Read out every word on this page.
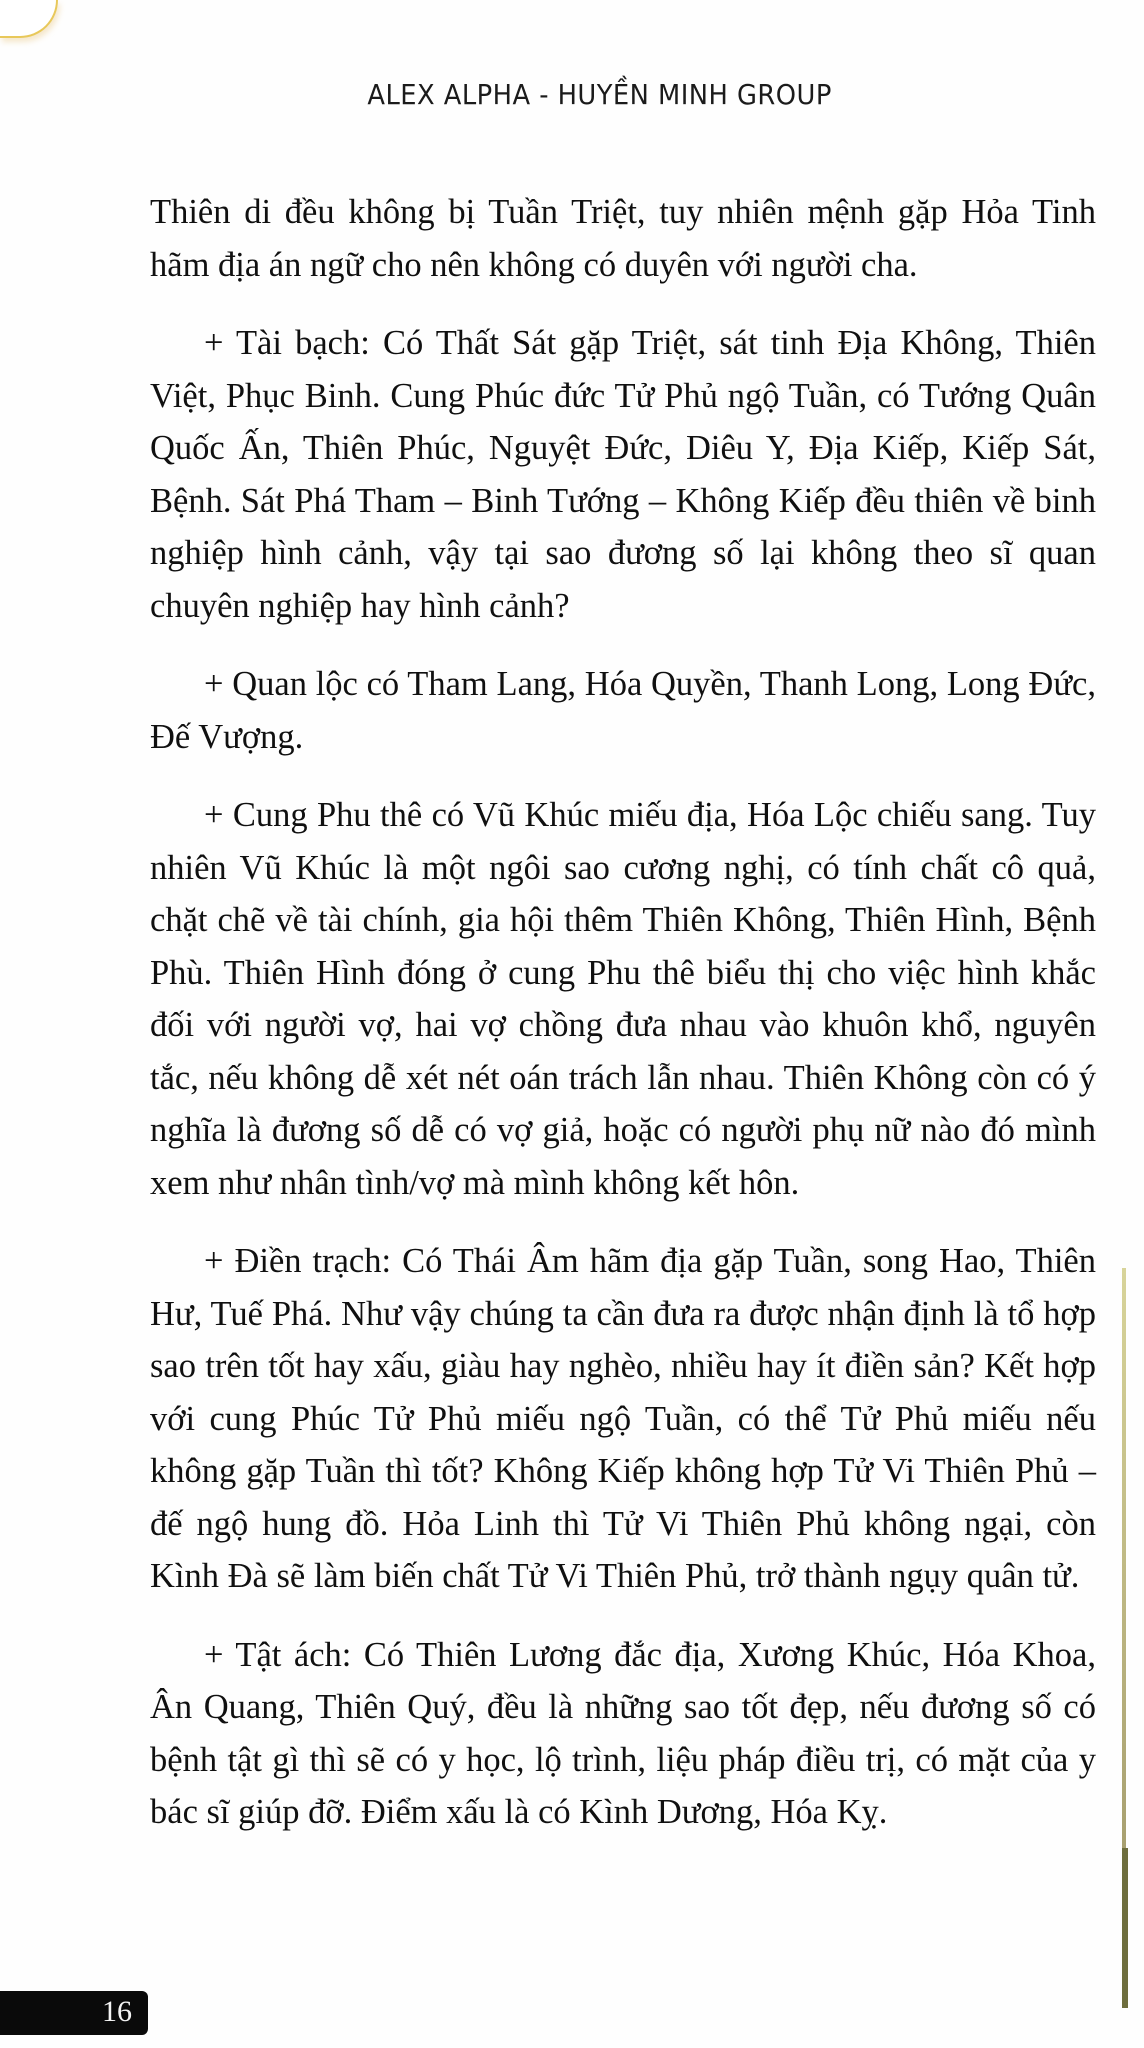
ALEX ALPHA - HUYỀN MINH GROUP

Thiên di đều không bị Tuần Triệt, tuy nhiên mệnh gặp Hỏa Tinh hãm địa án ngữ cho nên không có duyên với người cha.

+ Tài bạch: Có Thất Sát gặp Triệt, sát tinh Địa Không, Thiên Việt, Phục Binh. Cung Phúc đức Tử Phủ ngộ Tuần, có Tướng Quân Quốc Ấn, Thiên Phúc, Nguyệt Đức, Diêu Y, Địa Kiếp, Kiếp Sát, Bệnh. Sát Phá Tham – Binh Tướng – Không Kiếp đều thiên về binh nghiệp hình cảnh, vậy tại sao đương số lại không theo sĩ quan chuyên nghiệp hay hình cảnh?

+ Quan lộc có Tham Lang, Hóa Quyền, Thanh Long, Long Đức, Đế Vượng.

+ Cung Phu thê có Vũ Khúc miếu địa, Hóa Lộc chiếu sang. Tuy nhiên Vũ Khúc là một ngôi sao cương nghị, có tính chất cô quả, chặt chẽ về tài chính, gia hội thêm Thiên Không, Thiên Hình, Bệnh Phù. Thiên Hình đóng ở cung Phu thê biểu thị cho việc hình khắc đối với người vợ, hai vợ chồng đưa nhau vào khuôn khổ, nguyên tắc, nếu không dễ xét nét oán trách lẫn nhau. Thiên Không còn có ý nghĩa là đương số dễ có vợ giả, hoặc có người phụ nữ nào đó mình xem như nhân tình/vợ mà mình không kết hôn.

+ Điền trạch: Có Thái Âm hãm địa gặp Tuần, song Hao, Thiên Hư, Tuế Phá. Như vậy chúng ta cần đưa ra được nhận định là tổ hợp sao trên tốt hay xấu, giàu hay nghèo, nhiều hay ít điền sản? Kết hợp với cung Phúc Tử Phủ miếu ngộ Tuần, có thể Tử Phủ miếu nếu không gặp Tuần thì tốt? Không Kiếp không hợp Tử Vi Thiên Phủ – đế ngộ hung đồ. Hỏa Linh thì Tử Vi Thiên Phủ không ngại, còn Kình Đà sẽ làm biến chất Tử Vi Thiên Phủ, trở thành ngụy quân tử.

+ Tật ách: Có Thiên Lương đắc địa, Xương Khúc, Hóa Khoa, Ân Quang, Thiên Quý, đều là những sao tốt đẹp, nếu đương số có bệnh tật gì thì sẽ có y học, lộ trình, liệu pháp điều trị, có mặt của y bác sĩ giúp đỡ. Điểm xấu là có Kình Dương, Hóa Kỵ.

16
